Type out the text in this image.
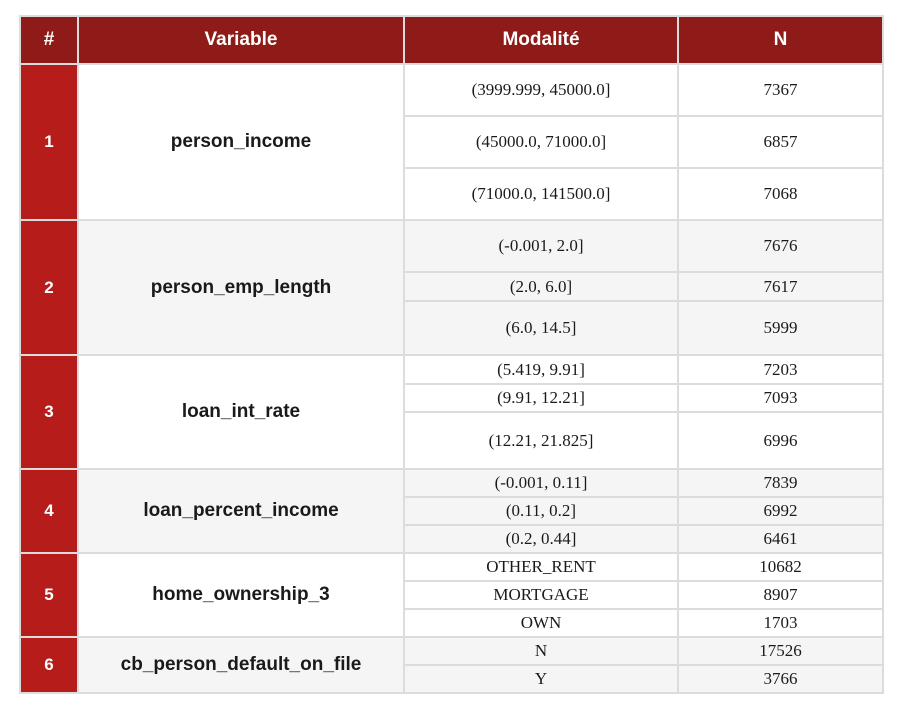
#	Variable	Modalité	N
1	person_income	(3999.999, 45000.0]	7367
		(45000.0, 71000.0]	6857
		(71000.0, 141500.0]	7068
2	person_emp_length	(-0.001, 2.0]	7676
		(2.0, 6.0]	7617
		(6.0, 14.5]	5999
3	loan_int_rate	(5.419, 9.91]	7203
		(9.91, 12.21]	7093
		(12.21, 21.825]	6996
4	loan_percent_income	(-0.001, 0.11]	7839
		(0.11, 0.2]	6992
		(0.2, 0.44]	6461
5	home_ownership_3	OTHER_RENT	10682
		MORTGAGE	8907
		OWN	1703
6	cb_person_default_on_file	N	17526
		Y	3766
